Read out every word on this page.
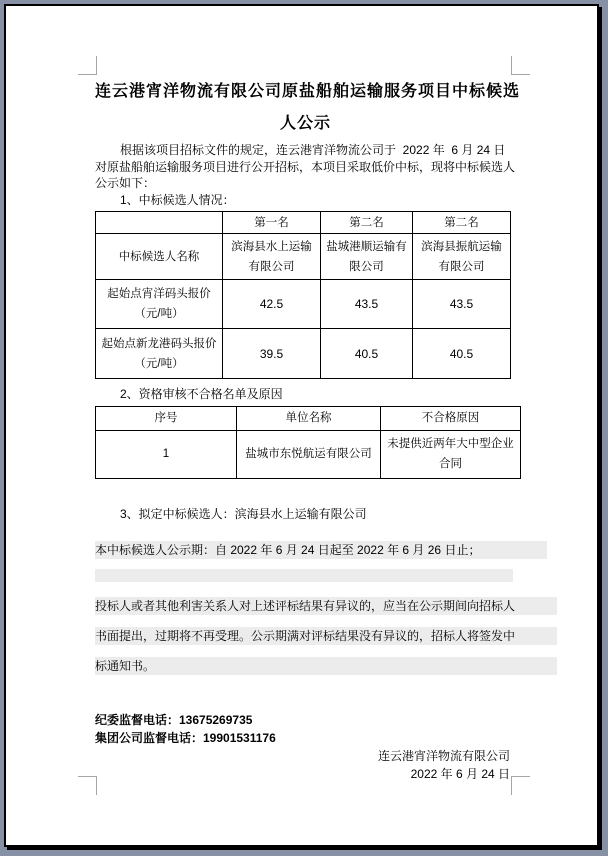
连云港宵洋物流有限公司原盐船舶运输服务项目中标候选
人公示
根据该项目招标文件的规定，连云港宵洋物流公司于  2022 年  6 月 24 日
对原盐船舶运输服务项目进行公开招标，本项目采取低价中标，现将中标候选人
公示如下：
1、中标候选人情况：
	第一名	第二名	第二名
中标候选人名称	滨海县水上运输有限公司	盐城港顺运输有限公司	滨海县振航运输有限公司
起始点宵洋码头报价（元/吨）	42.5	43.5	43.5
起始点新龙港码头报价（元/吨）	39.5	40.5	40.5
2、资格审核不合格名单及原因
序号	单位名称	不合格原因
1	盐城市东悦航运有限公司	未提供近两年大中型企业合同
3、拟定中标候选人：滨海县水上运输有限公司
本中标候选人公示期：自 2022 年 6 月 24 日起至 2022 年 6 月 26 日止；
投标人或者其他利害关系人对上述评标结果有异议的，应当在公示期间向招标人
书面提出，过期将不再受理。公示期满对评标结果没有异议的，招标人将签发中
标通知书。
纪委监督电话：13675269735
集团公司监督电话：19901531176
连云港宵洋物流有限公司
2022 年 6 月 24 日
